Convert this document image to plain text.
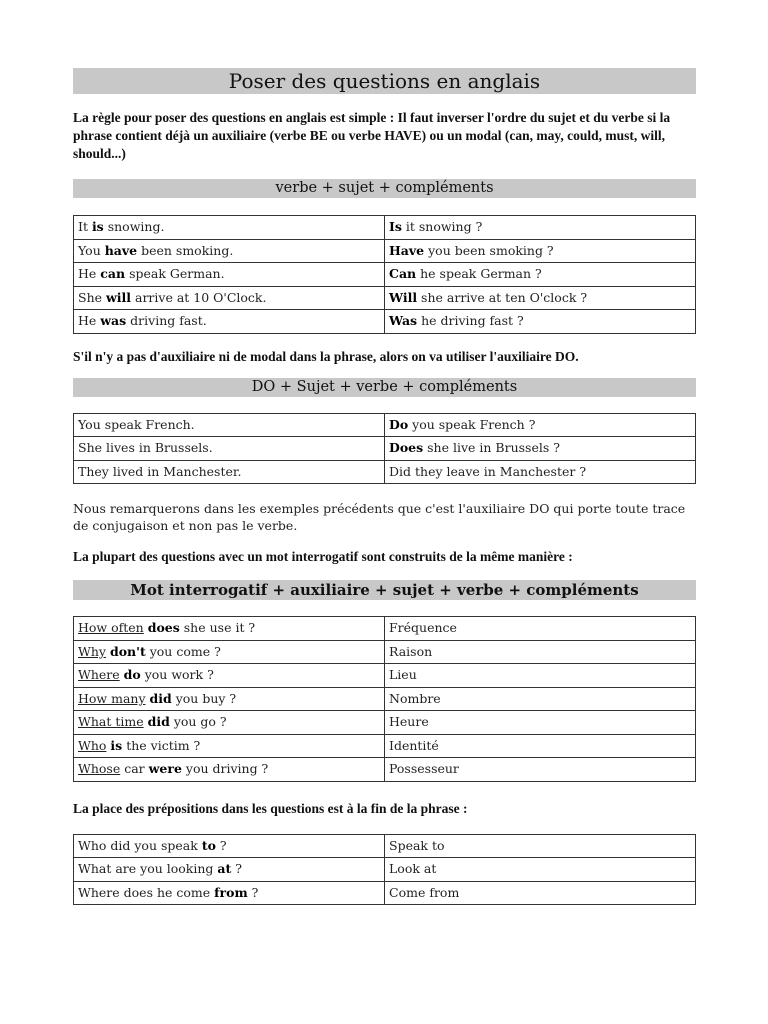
Poser des questions en anglais
La règle pour poser des questions en anglais est simple : Il faut inverser l'ordre du sujet et du verbe si la phrase contient déjà un auxiliaire (verbe BE ou verbe HAVE) ou un modal (can, may, could, must, will, should...)
verbe + sujet + compléments
It is snowing.	Is it snowing ?
You have been smoking.	Have you been smoking ?
He can speak German.	Can he speak German ?
She will arrive at 10 O'Clock.	Will she arrive at ten O'clock ?
He was driving fast.	Was he driving fast ?
S'il n'y a pas d'auxiliaire ni de modal dans la phrase, alors on va utiliser l'auxiliaire DO.
DO + Sujet + verbe + compléments
You speak French.	Do you speak French ?
She lives in Brussels.	Does she live in Brussels ?
They lived in Manchester.	Did they leave in Manchester ?
Nous remarquerons dans les exemples précédents que c'est l'auxiliaire DO qui porte toute trace de conjugaison et non pas le verbe.
La plupart des questions avec un mot interrogatif sont construits de la même manière :
Mot interrogatif + auxiliaire + sujet + verbe + compléments
How often does she use it ?	Fréquence
Why don't you come ?	Raison
Where do you work ?	Lieu
How many did you buy ?	Nombre
What time did you go ?	Heure
Who is the victim ?	Identité
Whose car were you driving ?	Possesseur
La place des prépositions dans les questions est à la fin de la phrase :
Who did you speak to ?	Speak to
What are you looking at ?	Look at
Where does he come from ?	Come from
